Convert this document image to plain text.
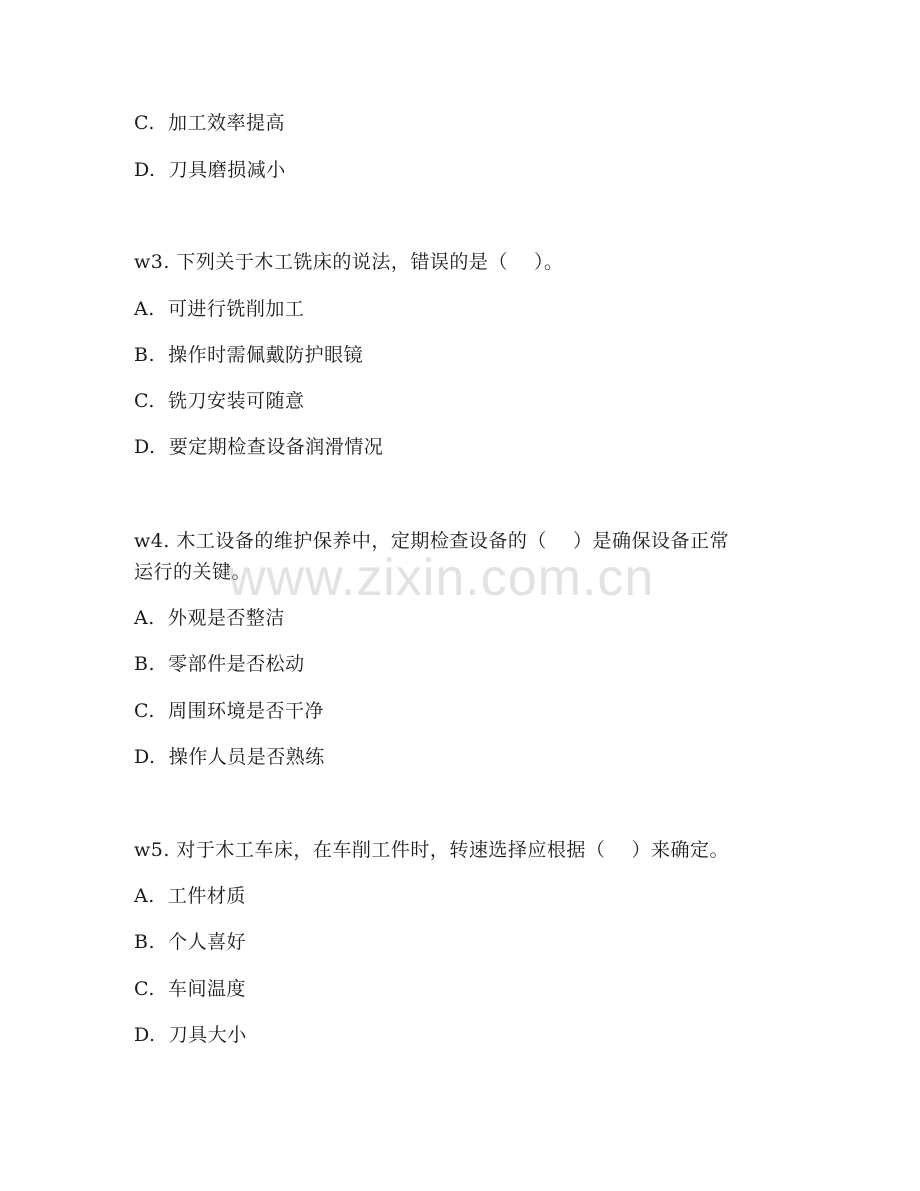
C. 加工效率提高
D. 刀具磨损减小
w3. 下列关于木工铣床的说法，错误的是（　 ）。
A. 可进行铣削加工
B. 操作时需佩戴防护眼镜
C. 铣刀安装可随意
D. 要定期检查设备润滑情况
w4. 木工设备的维护保养中，定期检查设备的（　 ）是确保设备正常
运行的关键。
A. 外观是否整洁
B. 零部件是否松动
C. 周围环境是否干净
D. 操作人员是否熟练
w5. 对于木工车床，在车削工件时，转速选择应根据（　 ）来确定。
A. 工件材质
B. 个人喜好
C. 车间温度
D. 刀具大小
www.zixin.com.cn
